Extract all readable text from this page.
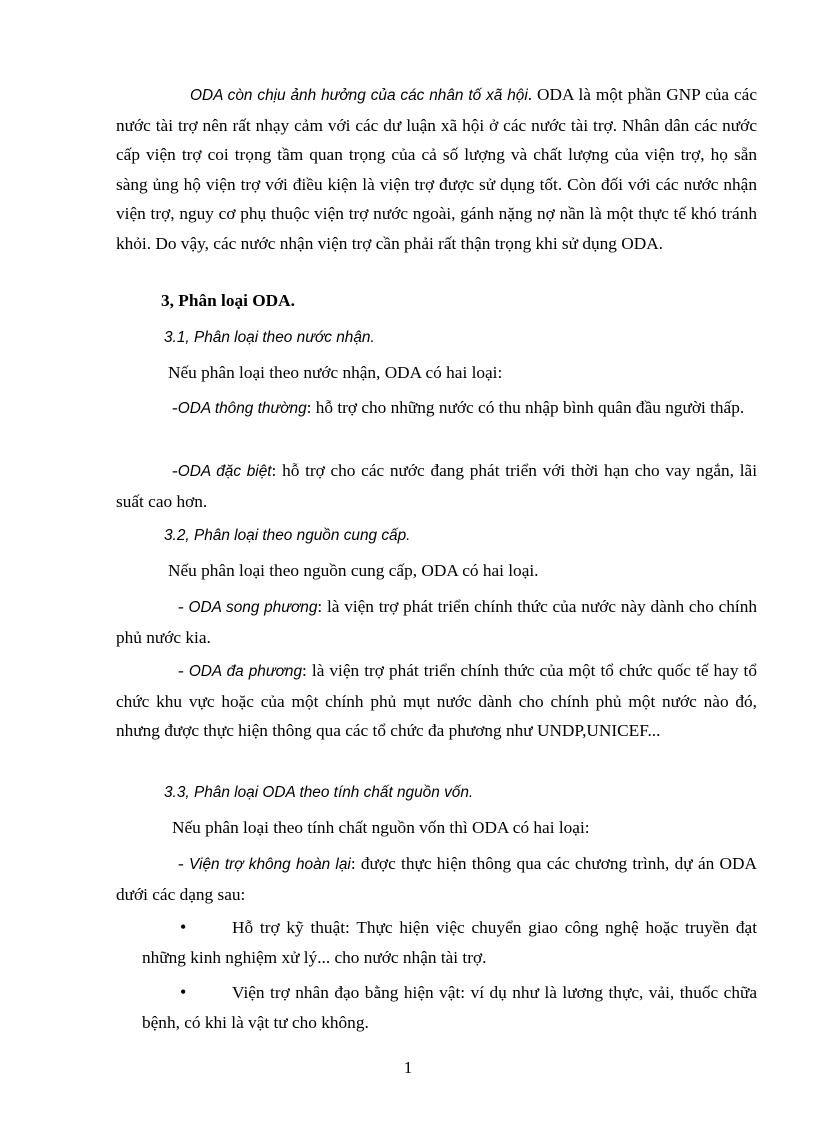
ODA còn chịu ảnh hưởng của các nhân tố xã hội. ODA là một phần GNP của các nước tài trợ nên rất nhạy cảm với các dư luận xã hội ở các nước tài trợ. Nhân dân các nước cấp viện trợ coi trọng tầm quan trọng của cả số lượng và chất lượng của viện trợ, họ sẵn sàng ủng hộ viện trợ với điều kiện là viện trợ được sử dụng tốt. Còn đối với các nước nhận viện trợ, nguy cơ phụ thuộc viện trợ nước ngoài, gánh nặng nợ nần là một thực tế khó tránh khỏi. Do vậy, các nước nhận viện trợ cần phải rất thận trọng khi sử dụng ODA.

3, Phân loại ODA.

3.1, Phân loại theo nước nhận.

Nếu phân loại theo nước nhận, ODA có hai loại:

-ODA thông thường: hỗ trợ cho những nước có thu nhập bình quân đầu người thấp.

-ODA đặc biệt: hỗ trợ cho các nước đang phát triển với thời hạn cho vay ngắn, lãi suất cao hơn.

3.2, Phân loại theo nguồn cung cấp.

Nếu phân loại theo nguồn cung cấp, ODA có hai loại.

- ODA song phương: là viện trợ phát triển chính thức của nước này dành cho chính phủ nước kia.

- ODA đa phương: là viện trợ phát triển chính thức của một tổ chức quốc tế hay tổ chức khu vực hoặc của một chính phủ mụt nước dành cho chính phủ một nước nào đó, nhưng được thực hiện thông qua các tổ chức đa phương như UNDP,UNICEF...

3.3, Phân loại ODA theo tính chất nguồn vốn.

Nếu phân loại theo tính chất nguồn vốn thì ODA có hai loại:

- Viện trợ không hoàn lại: được thực hiện thông qua các chương trình, dự án ODA dưới các dạng sau:

•	Hỗ trợ kỹ thuật: Thực hiện việc chuyển giao công nghệ hoặc truyền đạt những kinh nghiệm xử lý... cho nước nhận tài trợ.

•	Viện trợ nhân đạo bằng hiện vật: ví dụ như là lương thực, vải, thuốc chữa bệnh, có khi là vật tư cho không.

1
